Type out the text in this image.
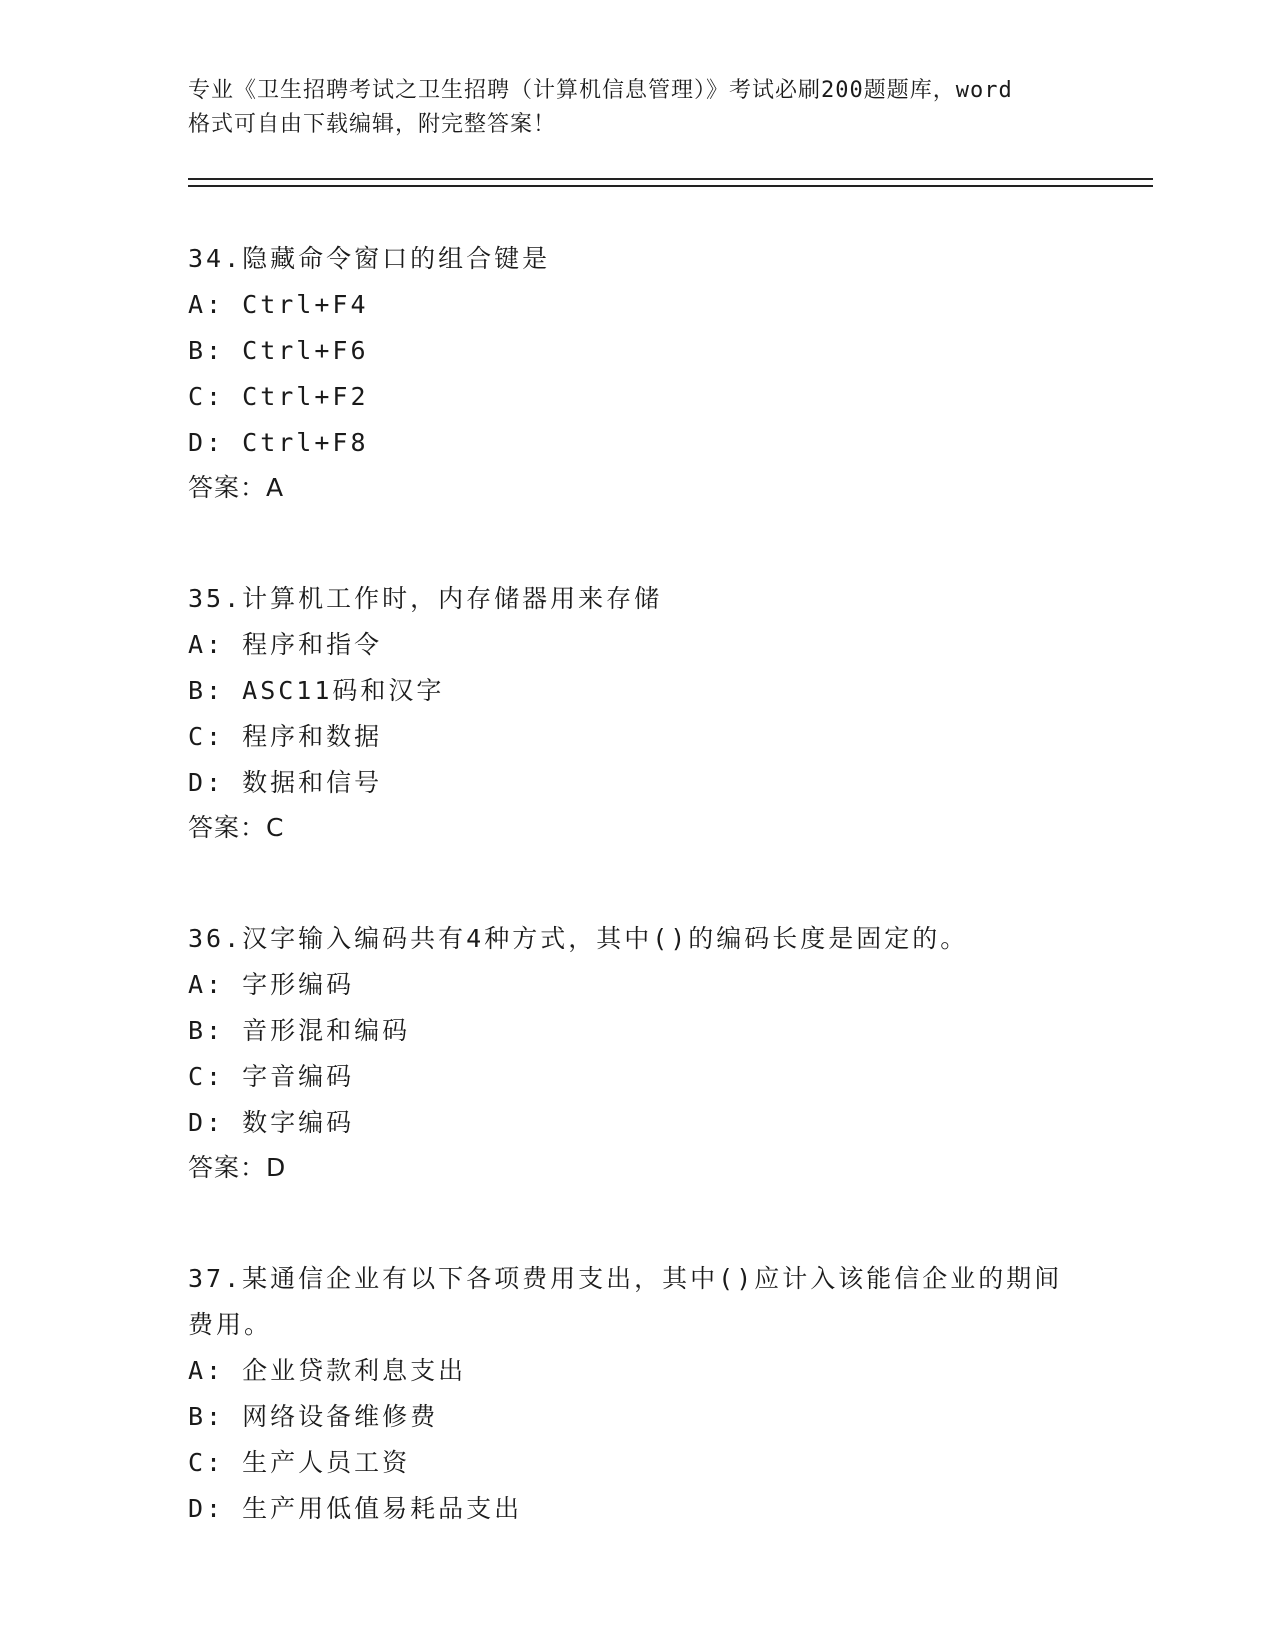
专业《卫生招聘考试之卫生招聘（计算机信息管理）》考试必刷200题题库，word
格式可自由下载编辑，附完整答案！

34.隐藏命令窗口的组合键是

A: Ctrl+F4

B: Ctrl+F6

C: Ctrl+F2

D: Ctrl+F8

答案：A

35.计算机工作时，内存储器用来存储

A: 程序和指令

B: ASC11码和汉字

C: 程序和数据

D: 数据和信号

答案：C

36.汉字输入编码共有4种方式，其中()的编码长度是固定的。

A: 字形编码

B: 音形混和编码

C: 字音编码

D: 数字编码

答案：D

37.某通信企业有以下各项费用支出，其中()应计入该能信企业的期间

费用。

A: 企业贷款利息支出

B: 网络设备维修费

C: 生产人员工资

D: 生产用低值易耗品支出
